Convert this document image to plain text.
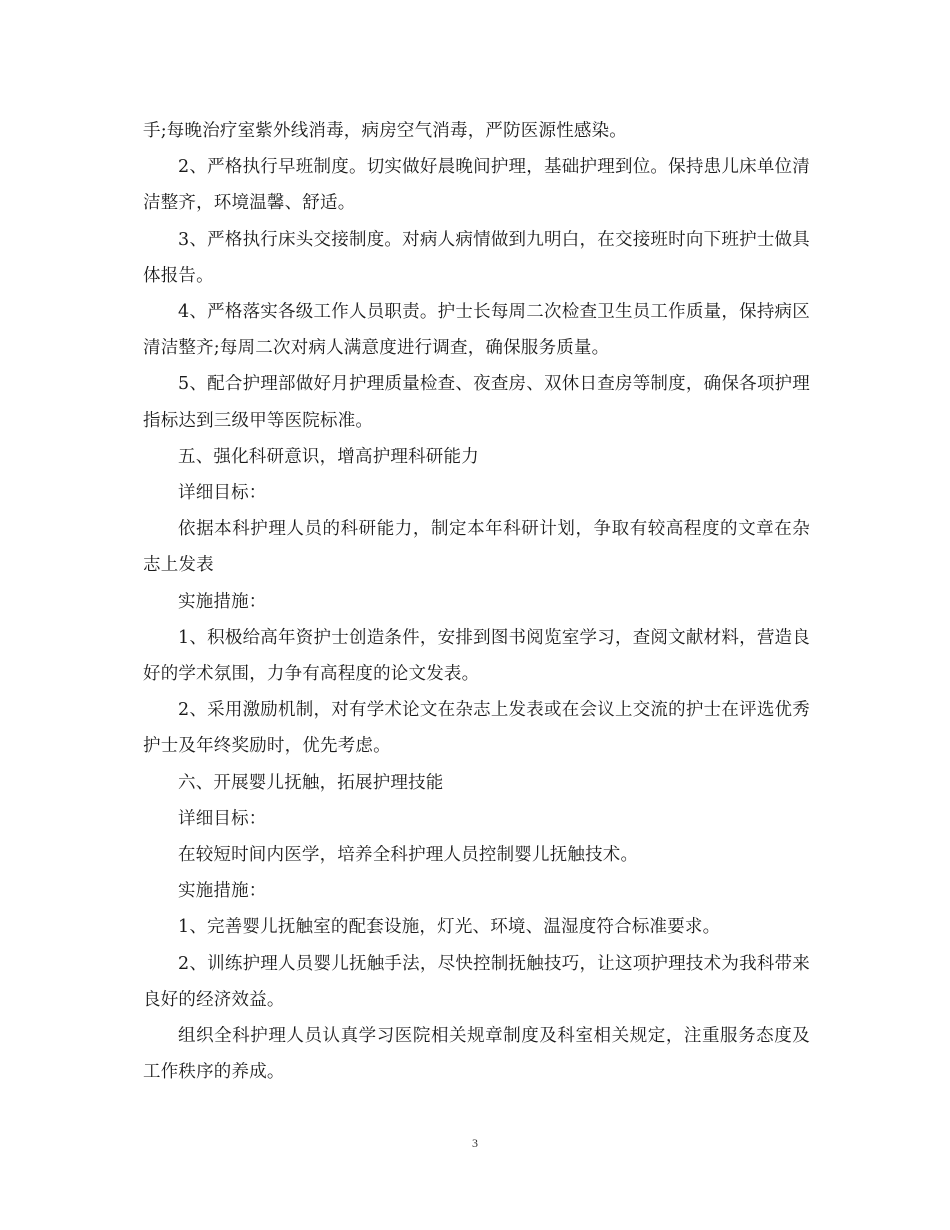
手;每晚治疗室紫外线消毒，病房空气消毒，严防医源性感染。

2、严格执行早班制度。切实做好晨晚间护理，基础护理到位。保持患儿床单位清洁整齐，环境温馨、舒适。

3、严格执行床头交接制度。对病人病情做到九明白，在交接班时向下班护士做具体报告。

4、严格落实各级工作人员职责。护士长每周二次检查卫生员工作质量，保持病区清洁整齐;每周二次对病人满意度进行调查，确保服务质量。

5、配合护理部做好月护理质量检查、夜查房、双休日查房等制度，确保各项护理指标达到三级甲等医院标准。

五、强化科研意识，增高护理科研能力

详细目标：

依据本科护理人员的科研能力，制定本年科研计划，争取有较高程度的文章在杂志上发表

实施措施：

1、积极给高年资护士创造条件，安排到图书阅览室学习，查阅文献材料，营造良好的学术氛围，力争有高程度的论文发表。

2、采用激励机制，对有学术论文在杂志上发表或在会议上交流的护士在评选优秀护士及年终奖励时，优先考虑。

六、开展婴儿抚触，拓展护理技能

详细目标：

在较短时间内医学，培养全科护理人员控制婴儿抚触技术。

实施措施：

1、完善婴儿抚触室的配套设施，灯光、环境、温湿度符合标准要求。

2、训练护理人员婴儿抚触手法，尽快控制抚触技巧，让这项护理技术为我科带来良好的经济效益。

组织全科护理人员认真学习医院相关规章制度及科室相关规定，注重服务态度及工作秩序的养成。

3
